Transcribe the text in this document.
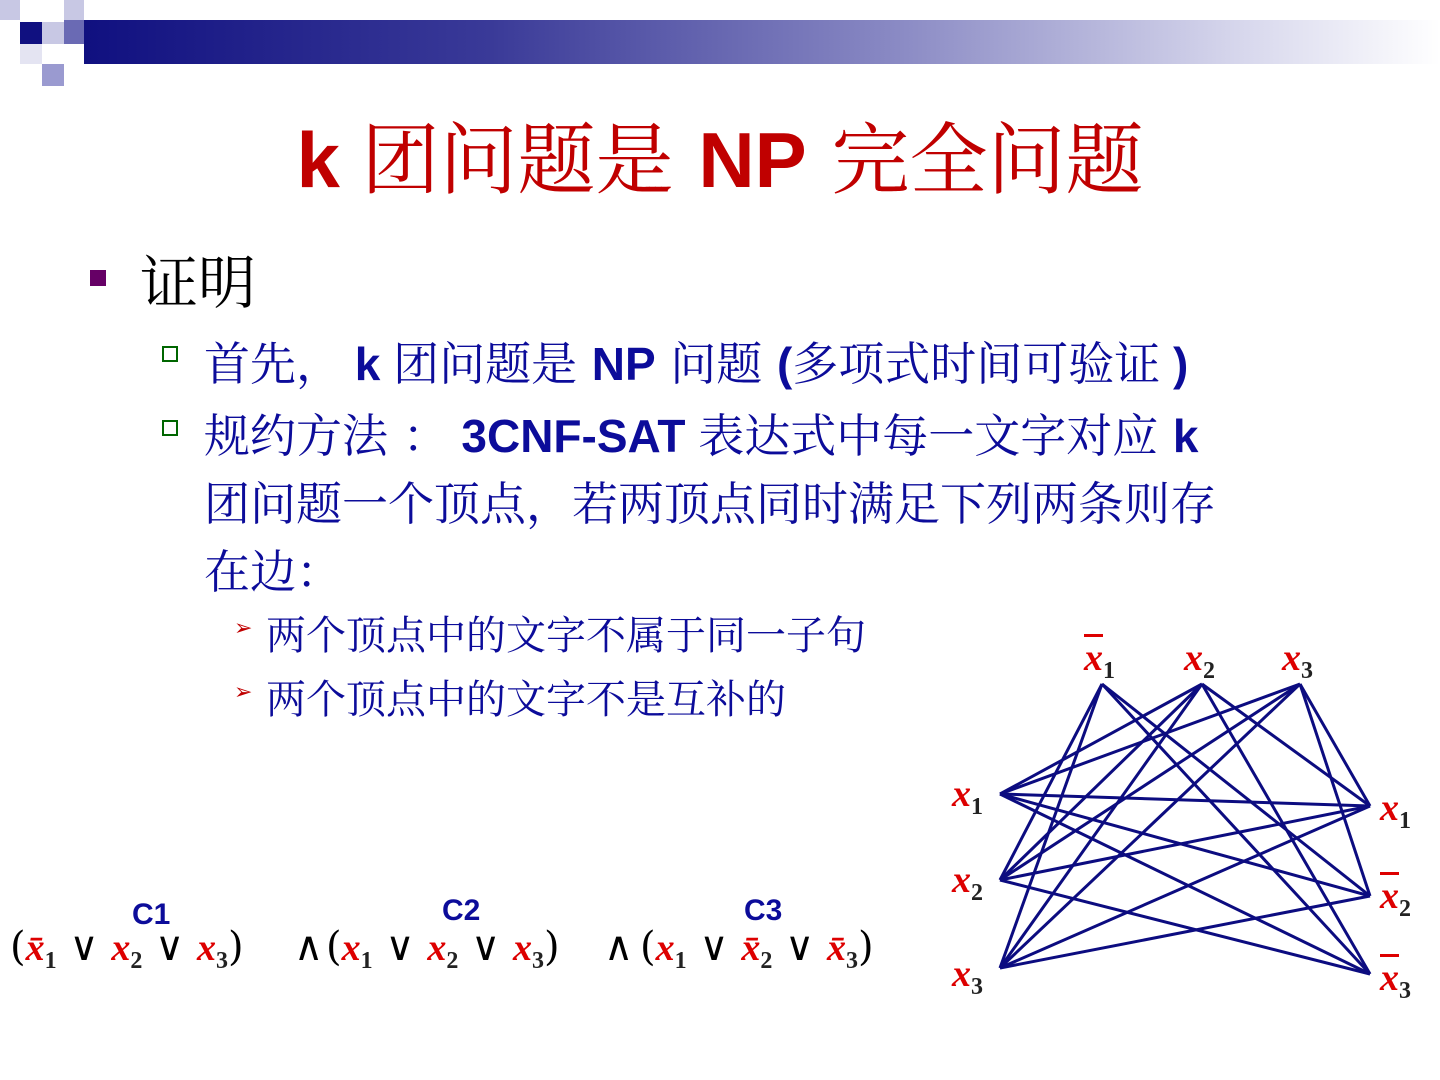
k 团问题是 NP 完全问题
证明
首先， k 团问题是 NP 问题 (多项式时间可验证 )
规约方法 ： 3CNF-SAT 表达式中每一文字对应 k
团问题一个顶点，若两顶点同时满足下列两条则存
在边：
➢ 两个顶点中的文字不属于同一子句
➢ 两个顶点中的文字不是互补的
C1	C2	C3
($x̄_1$ ∨ $x_2$ ∨ $x_3$) ∧ ($x_1$ ∨ $x_2$ ∨ $x_3$) ∧ ($x_1$ ∨ $x̄_2$ ∨ $x̄_3$)
$\overline{x}_1$ $x_2$ $x_3$
$x_1$
$x_2$
$x_3$
$x_1$
$\overline{x}_2$
$\overline{x}_3$
